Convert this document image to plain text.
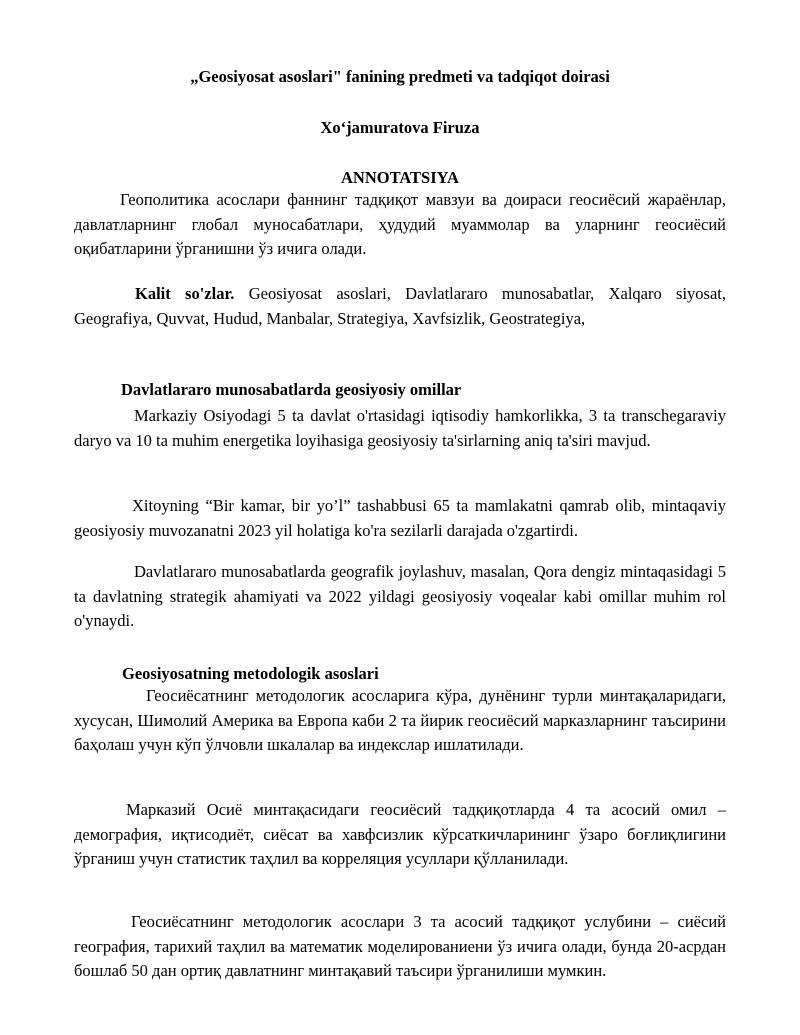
„Geosiyosat asoslari" fanining predmeti va tadqiqot doirasi
Xo‘jamuratova Firuza
ANNOTATSIYA

Геополитика асослари фаннинг тадқиқот мавзуи ва доираси геосиёсий жараёнлар, давлатларнинг глобал муносабатлари, ҳудудий муаммолар ва уларнинг геосиёсий оқибатларини ўрганишни ўз ичига олади.

Kalit so'zlar. Geosiyosat asoslari, Davlatlararo munosabatlar, Xalqaro siyosat, Geografiya, Quvvat, Hudud, Manbalar, Strategiya, Xavfsizlik, Geostrategiya,

Davlatlararo munosabatlarda geosiyosiy omillar

Markaziy Osiyodagi 5 ta davlat o'rtasidagi iqtisodiy hamkorlikka, 3 ta transchegaraviy daryo va 10 ta muhim energetika loyihasiga geosiyosiy ta'sirlarning aniq ta'siri mavjud.

Xitoyning “Bir kamar, bir yo’l” tashabbusi 65 ta mamlakatni qamrab olib, mintaqaviy geosiyosiy muvozanatni 2023 yil holatiga ko'ra sezilarli darajada o'zgartirdi.

Davlatlararo munosabatlarda geografik joylashuv, masalan, Qora dengiz mintaqasidagi 5 ta davlatning strategik ahamiyati va 2022 yildagi geosiyosiy voqealar kabi omillar muhim rol o'ynaydi.

Geosiyosatning metodologik asoslari

Геосиёсатнинг методологик асосларига кўра, дунёнинг турли минтақаларидаги, хусусан, Шимолий Америка ва Европа каби 2 та йирик геосиёсий марказларнинг таъсирини баҳолаш учун кўп ўлчовли шкалалар ва индекслар ишлатилади.

Марказий Осиё минтақасидаги геосиёсий тадқиқотларда 4 та асосий омил – демография, иқтисодиёт, сиёсат ва хавфсизлик кўрсаткичларининг ўзаро боғлиқлигини ўрганиш учун статистик таҳлил ва корреляция усуллари қўлланилади.

Геосиёсатнинг методологик асослари 3 та асосий тадқиқот услубини – сиёсий география, тарихий таҳлил ва математик моделированиени ўз ичига олади, бунда 20-асрдан бошлаб 50 дан ортиқ давлатнинг минтақавий таъсири ўрганилиши мумкин.
